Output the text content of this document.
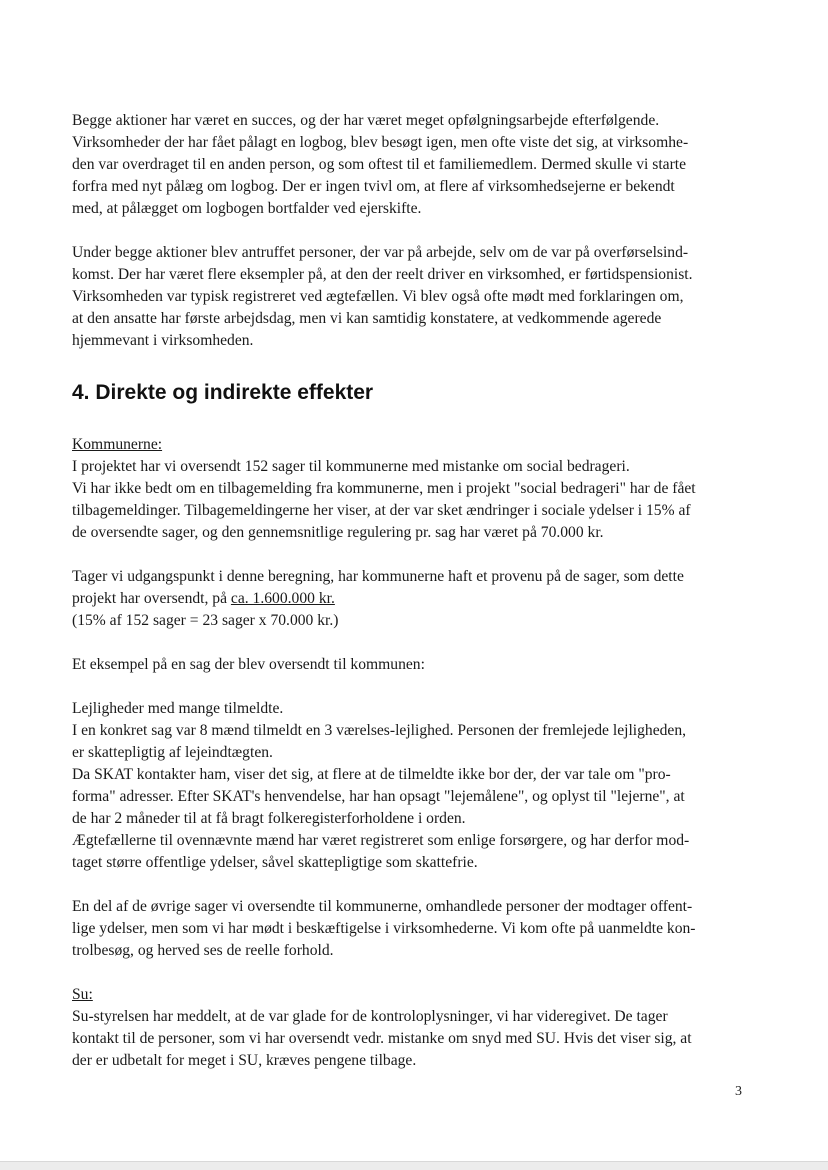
Begge aktioner har været en succes, og der har været meget opfølgningsarbejde efterfølgende.
Virksomheder der har fået pålagt en logbog, blev besøgt igen, men ofte viste det sig, at virksomhe-
den var overdraget til en anden person, og som oftest til et familiemedlem. Dermed skulle vi starte
forfra med nyt pålæg om logbog. Der er ingen tvivl om, at flere af virksomhedsejerne er bekendt
med, at pålægget om logbogen bortfalder ved ejerskifte.

Under begge aktioner blev antruffet personer, der var på arbejde, selv om de var på overførselsind-
komst. Der har været flere eksempler på, at den der reelt driver en virksomhed, er førtidspensionist.
Virksomheden var typisk registreret ved ægtefællen. Vi blev også ofte mødt med forklaringen om,
at den ansatte har første arbejdsdag, men vi kan samtidig konstatere, at vedkommende agerede
hjemmevant i virksomheden.

4. Direkte og indirekte effekter

Kommunerne:
I projektet har vi oversendt 152 sager til kommunerne med mistanke om social bedrageri.
Vi har ikke bedt om en tilbagemelding fra kommunerne, men i projekt "social bedrageri" har de fået
tilbagemeldinger. Tilbagemeldingerne her viser, at der var sket ændringer i sociale ydelser i 15% af
de oversendte sager, og den gennemsnitlige regulering pr. sag har været på 70.000 kr.

Tager vi udgangspunkt i denne beregning, har kommunerne haft et provenu på de sager, som dette
projekt har oversendt, på ca. 1.600.000 kr.
(15% af 152 sager = 23 sager x 70.000 kr.)

Et eksempel på en sag der blev oversendt til kommunen:

Lejligheder med mange tilmeldte.
I en konkret sag var 8 mænd tilmeldt en 3 værelses-lejlighed. Personen der fremlejede lejligheden,
er skattepligtig af lejeindtægten.
Da SKAT kontakter ham, viser det sig, at flere at de tilmeldte ikke bor der, der var tale om "pro-
forma" adresser. Efter SKAT's henvendelse, har han opsagt "lejemålene", og oplyst til "lejerne", at
de har 2 måneder til at få bragt folkeregisterforholdene i orden.
Ægtefællerne til ovennævnte mænd har været registreret som enlige forsørgere, og har derfor mod-
taget større offentlige ydelser, såvel skattepligtige som skattefrie.

En del af de øvrige sager vi oversendte til kommunerne, omhandlede personer der modtager offent-
lige ydelser, men som vi har mødt i beskæftigelse i virksomhederne. Vi kom ofte på uanmeldte kon-
trolbesøg, og herved ses de reelle forhold.

Su:
Su-styrelsen har meddelt, at de var glade for de kontroloplysninger, vi har videregivet. De tager
kontakt til de personer, som vi har oversendt vedr. mistanke om snyd med SU. Hvis det viser sig, at
der er udbetalt for meget i SU, kræves pengene tilbage.

3
